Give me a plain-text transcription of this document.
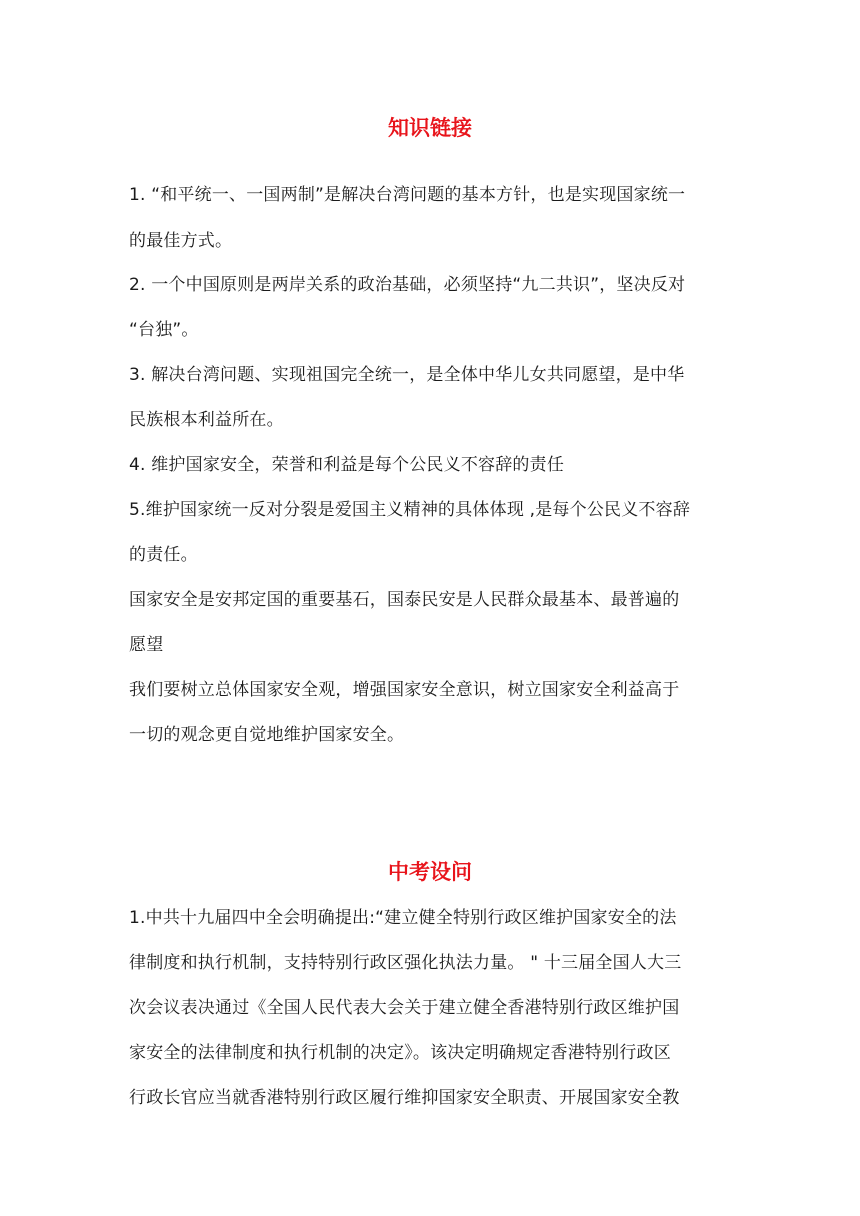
知识链接
1. “和平统一、一国两制”是解决台湾问题的基本方针，也是实现国家统一
的最佳方式。
2. 一个中国原则是两岸关系的政治基础，必须坚持“九二共识”，坚决反对
“台独”。
3. 解决台湾问题、实现祖国完全统一，是全体中华儿女共同愿望，是中华
民族根本利益所在。
4. 维护国家安全，荣誉和利益是每个公民义不容辞的责任
5.维护国家统一反对分裂是爱国主义精神的具体体现 ,是每个公民义不容辞
的责任。
国家安全是安邦定国的重要基石，国泰民安是人民群众最基本、最普遍的
愿望
我们要树立总体国家安全观，增强国家安全意识，树立国家安全利益高于
一切的观念更自觉地维护国家安全。
中考设问
1.中共十九届四中全会明确提出:“建立健全特别行政区维护国家安全的法
律制度和执行机制，支持特别行政区强化执法力量。 " 十三届全国人大三
次会议表决通过《全国人民代表大会关于建立健全香港特别行政区维护国
家安全的法律制度和执行机制的决定》。该决定明确规定香港特别行政区
行政长官应当就香港特别行政区履行维抑国家安全职责、开展国家安全教
